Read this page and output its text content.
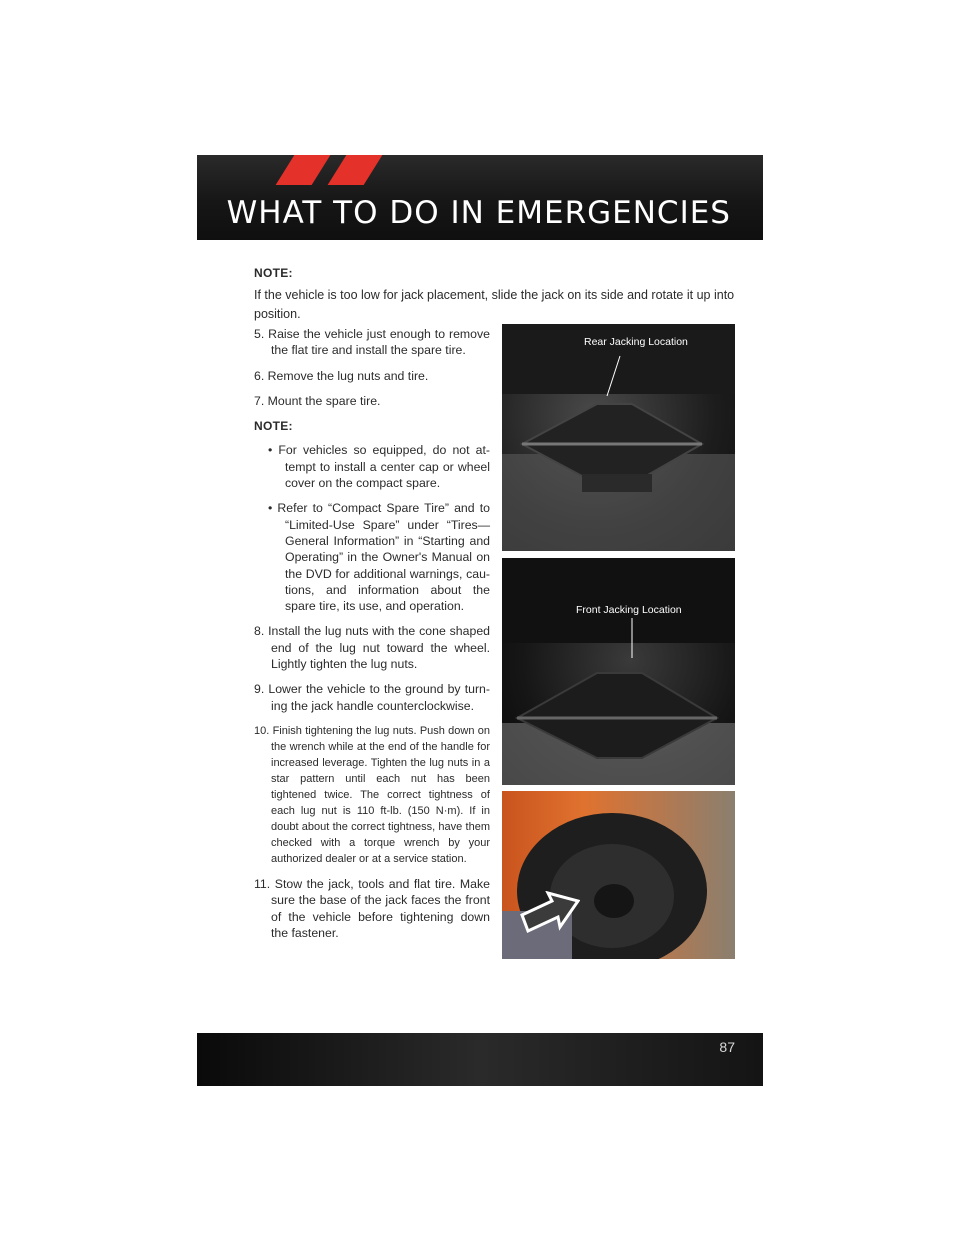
WHAT TO DO IN EMERGENCIES

NOTE:

If the vehicle is too low for jack placement, slide the jack on its side and rotate it up into position.

5. Raise the vehicle just enough to remove the flat tire and install the spare tire.

6. Remove the lug nuts and tire.

7. Mount the spare tire.

NOTE:

• For vehicles so equipped, do not at-tempt to install a center cap or wheel cover on the compact spare.

• Refer to “Compact Spare Tire” and to “Limited-Use Spare” under “Tires—General Information” in “Starting and Operating” in the Owner's Manual on the DVD for additional warnings, cau-tions, and information about the spare tire, its use, and operation.

8. Install the lug nuts with the cone shaped end of the lug nut toward the wheel. Lightly tighten the lug nuts.

9. Lower the vehicle to the ground by turn-ing the jack handle counterclockwise.

10. Finish tightening the lug nuts. Push down on the wrench while at the end of the handle for increased leverage. Tighten the lug nuts in a star pattern until each nut has been tightened twice. The correct tightness of each lug nut is 110 ft-lb. (150 N·m). If in doubt about the correct tightness, have them checked with a torque wrench by your authorized dealer or at a service station.

11. Stow the jack, tools and flat tire. Make sure the base of the jack faces the front of the vehicle before tightening down the fastener.

Rear Jacking Location
Front Jacking Location
87
